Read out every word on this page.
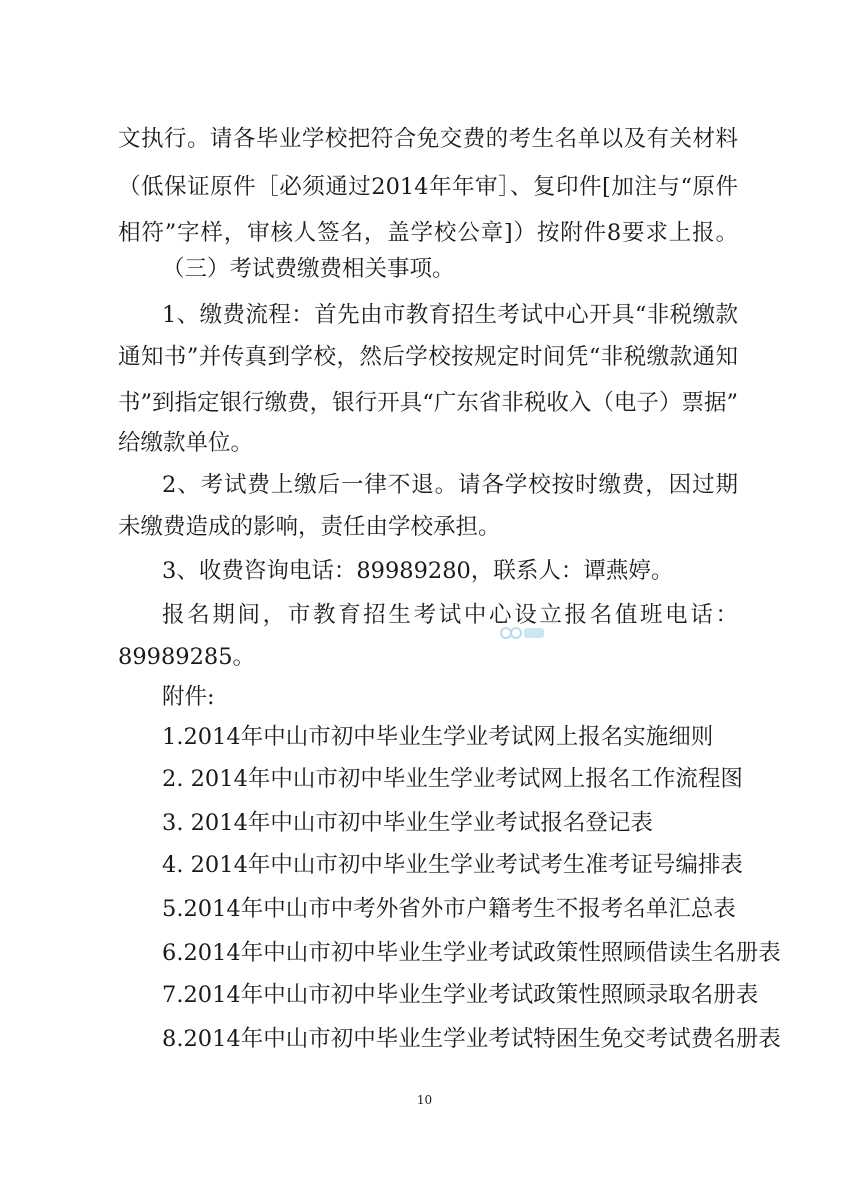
文执行。请各毕业学校把符合免交费的考生名单以及有关材料
（低保证原件［必须通过2014年年审］、复印件[加注与“原件
相符”字样，审核人签名，盖学校公章]）按附件8要求上报。
（三）考试费缴费相关事项。
1、缴费流程：首先由市教育招生考试中心开具“非税缴款
通知书”并传真到学校，然后学校按规定时间凭“非税缴款通知
书”到指定银行缴费，银行开具“广东省非税收入（电子）票据”
给缴款单位。
2、考试费上缴后一律不退。请各学校按时缴费，因过期
未缴费造成的影响，责任由学校承担。
3、收费咨询电话：89989280，联系人：谭燕婷。
报名期间，市教育招生考试中心设立报名值班电话：
89989285。
附件:
1.2014年中山市初中毕业生学业考试网上报名实施细则
2. 2014年中山市初中毕业生学业考试网上报名工作流程图
3. 2014年中山市初中毕业生学业考试报名登记表
4. 2014年中山市初中毕业生学业考试考生准考证号编排表
5.2014年中山市中考外省外市户籍考生不报考名单汇总表
6.2014年中山市初中毕业生学业考试政策性照顾借读生名册表
7.2014年中山市初中毕业生学业考试政策性照顾录取名册表
8.2014年中山市初中毕业生学业考试特困生免交考试费名册表
10
